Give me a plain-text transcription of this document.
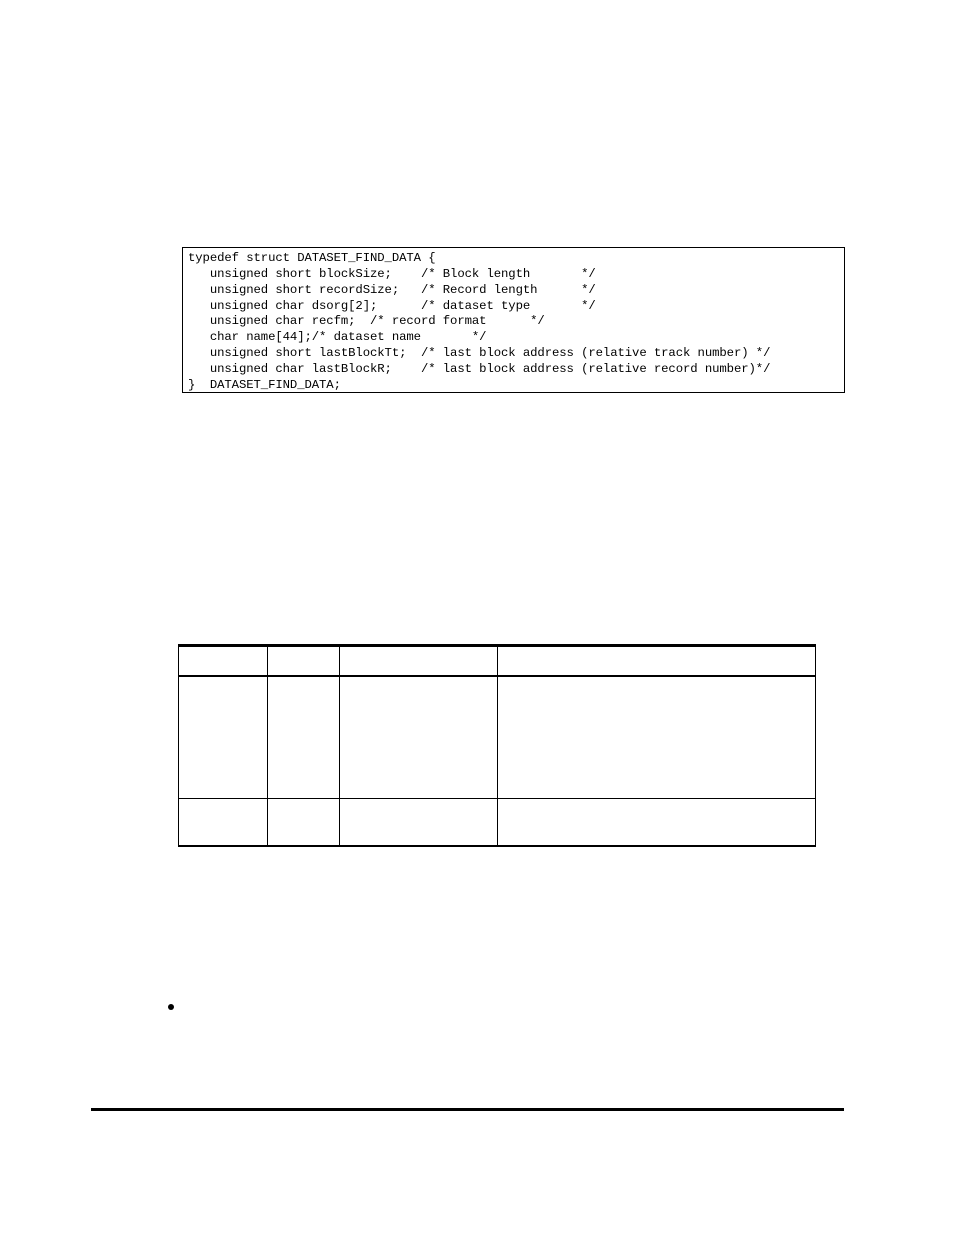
typedef struct DATASET_FIND_DATA {
unsigned short blockSize;    /* Block length       */
unsigned short recordSize;   /* Record length      */
unsigned char dsorg[2];      /* dataset type       */
unsigned char recfm;  /* record format      */
char name[44];/* dataset name       */
unsigned short lastBlockTt;  /* last block address (relative track number) */
unsigned char lastBlockR;    /* last block address (relative record number)*/
}  DATASET_FIND_DATA;
